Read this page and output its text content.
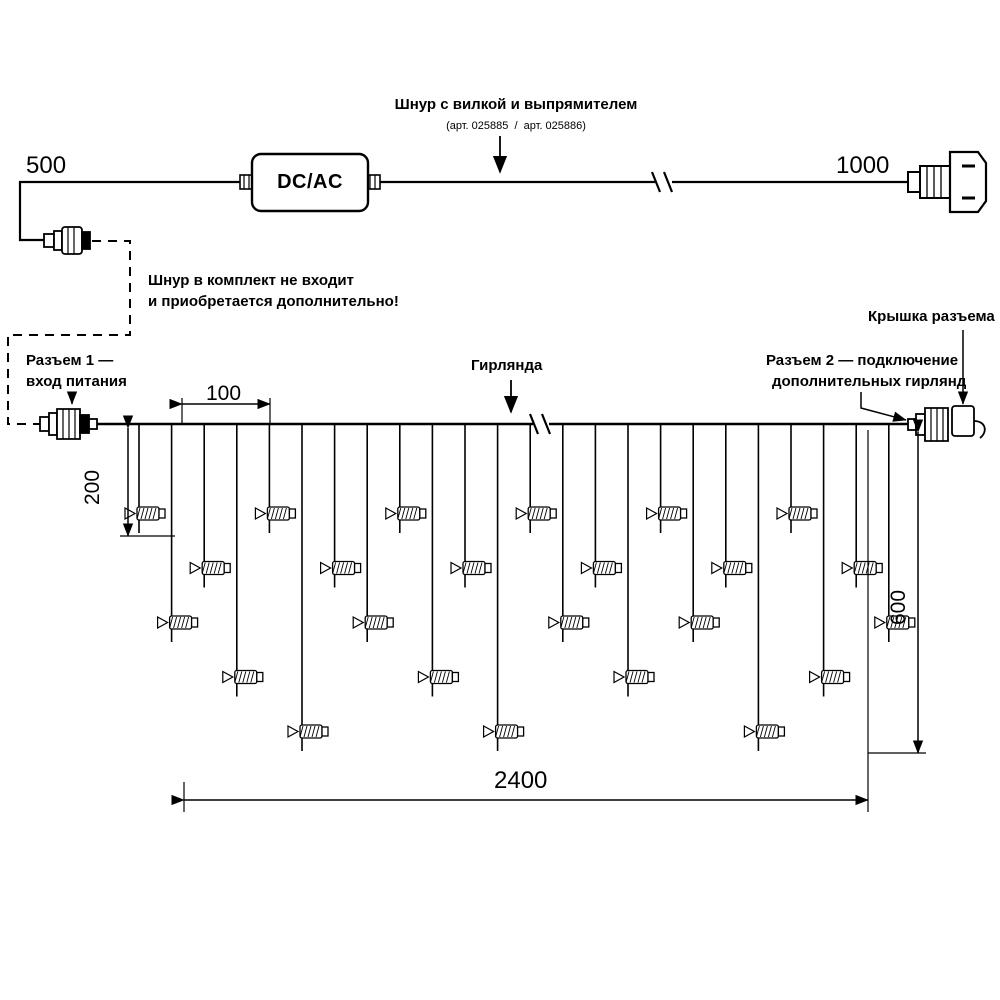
Шнур с вилкой и выпрямителем
(арт. 025885  /  арт. 025886)
DC/AC
500	1000
Шнур в комплект не входит
и приобретается дополнительно!
Разъем 1 —
вход питания
Разъем 2 — подключение
дополнительных гирлянд
Крышка разъема
Гирлянда
100
200
600
2400
